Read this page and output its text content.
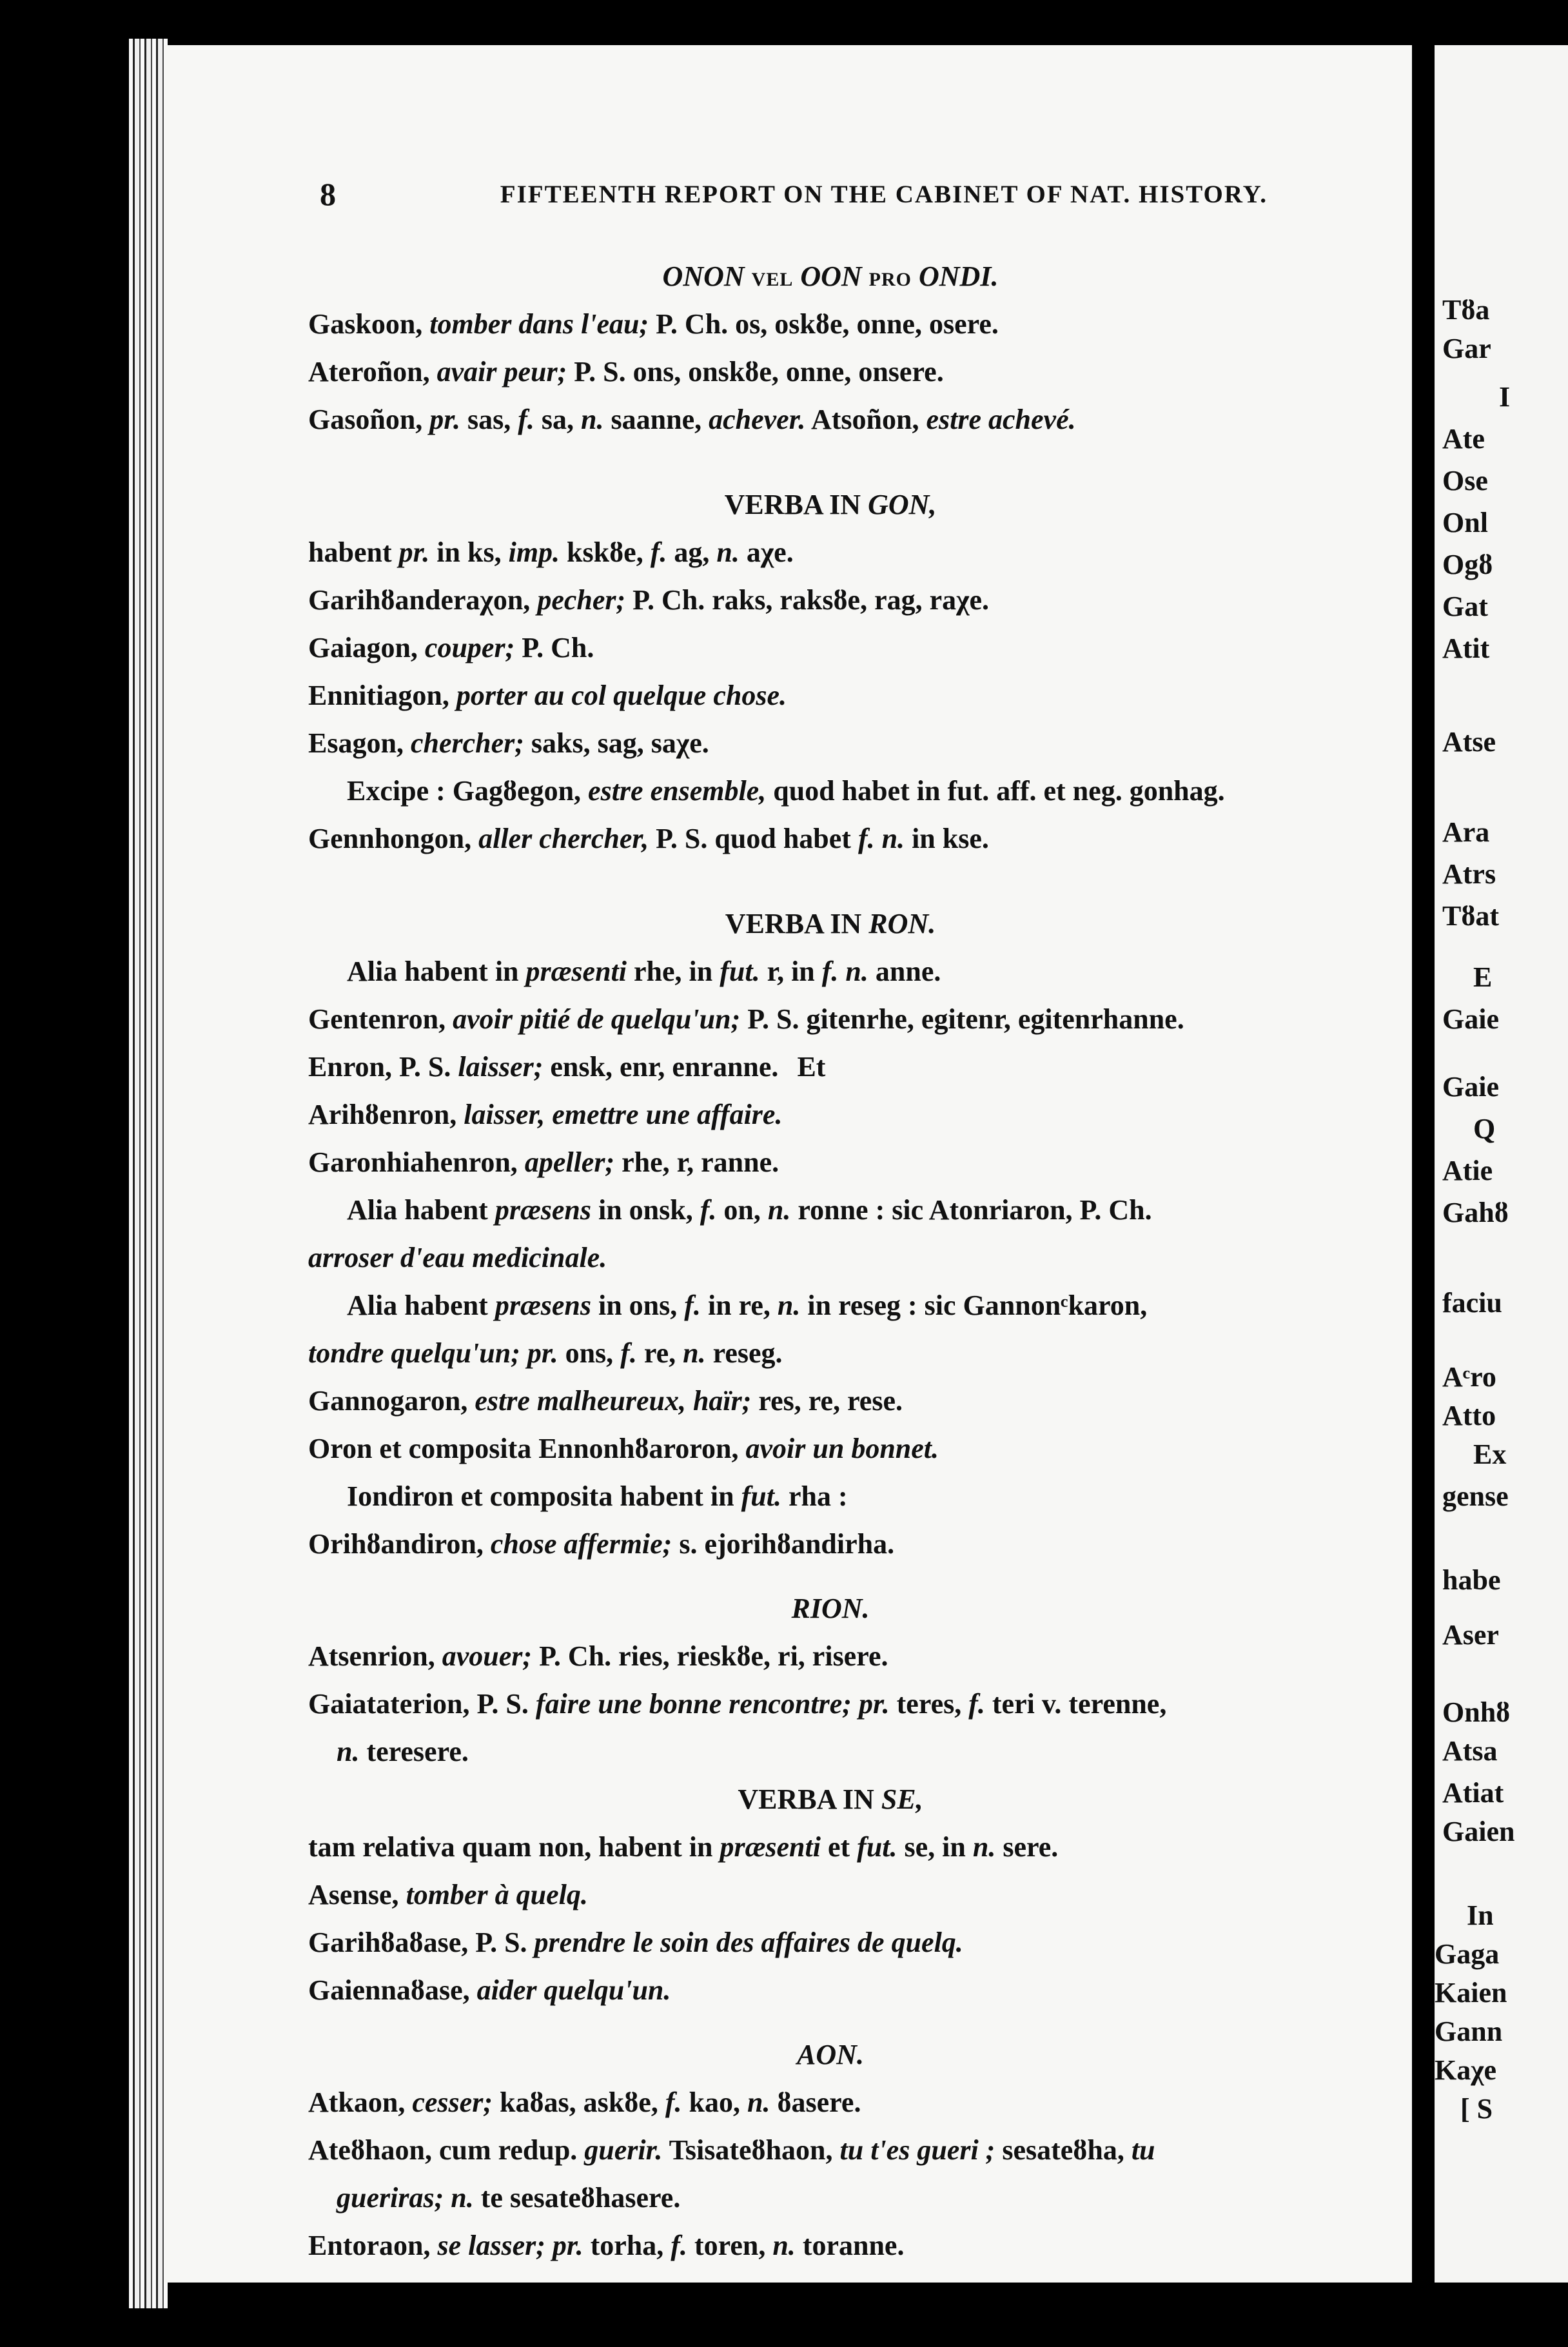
8	FIFTEENTH REPORT ON THE CABINET OF NAT. HISTORY.
ONON VEL OON PRO ONDI.
Gaskoon, tomber dans l'eau; P. Ch. os, oskȣe, onne, osere.
Ateroñon, avair peur; P. S. ons, onskȣe, onne, onsere.
Gasoñon, pr. sas, f. sa, n. saanne, achever. Atsoñon, estre achevé.
VERBA IN GON,
habent pr. in ks, imp. kskȣe, f. ag, n. aχe.
Garihȣanderaχon, pecher; P. Ch. raks, raksȣe, rag, raχe.
Gaiagon, couper; P. Ch.
Ennitiagon, porter au col quelque chose.
Esagon, chercher; saks, sag, saχe.
Excipe : Gagȣegon, estre ensemble, quod habet in fut. aff. et neg. gonhag.
Gennhongon, aller chercher, P. S. quod habet f. n. in kse.
VERBA IN RON.
Alia habent in præsenti rhe, in fut. r, in f. n. anne.
Gentenron, avoir pitié de quelqu'un; P. S. gitenrhe, egitenr, egitenrhanne.
Enron, P. S. laisser; ensk, enr, enranne. Et
Arihȣenron, laisser, emettre une affaire.
Garonhiahenron, apeller; rhe, r, ranne.
Alia habent præsens in onsk, f. on, n. ronne : sic Atonriaron, P. Ch.
arroser d'eau medicinale.
Alia habent præsens in ons, f. in re, n. in reseg : sic Gannonᶜkaron,
tondre quelqu'un; pr. ons, f. re, n. reseg.
Gannogaron, estre malheureux, haïr; res, re, rese.
Oron et composita Ennonhȣaroron, avoir un bonnet.
Iondiron et composita habent in fut. rha :
Orihȣandiron, chose affermie; s. ejorihȣandirha.
RION.
Atsenrion, avouer; P. Ch. ries, rieskȣe, ri, risere.
Gaiataterion, P. S. faire une bonne rencontre; pr. teres, f. teri v. terenne,
n. teresere.
VERBA IN SE,
tam relativa quam non, habent in præsenti et fut. se, in n. sere.
Asense, tomber à quelq.
Garihȣaȣase, P. S. prendre le soin des affaires de quelq.
Gaiennaȣase, aider quelqu'un.
AON.
Atkaon, cesser; kaȣas, askȣe, f. kao, n. ȣasere.
Ateȣhaon, cum redup. guerir. Tsisateȣhaon, tu t'es gueri ; sesateȣha, tu
gueriras; n. te sesateȣhasere.
Entoraon, se lasser; pr. torha, f. toren, n. toranne.
Tȣa
Gar
I
Ate
Ose
Onl
Ogȣ
Gat
Atit
Atse
Ara
Atrs
Tȣat
E
Gaie
Gaie
Q
Atie
Gahȣ
faciu
Aᶜro
Atto
Ex
gense
habe
Aser
Onhȣ
Atsa
Atiat
Gaien
In
Gaga
Kaien
Gann
Kaχe
[ S
